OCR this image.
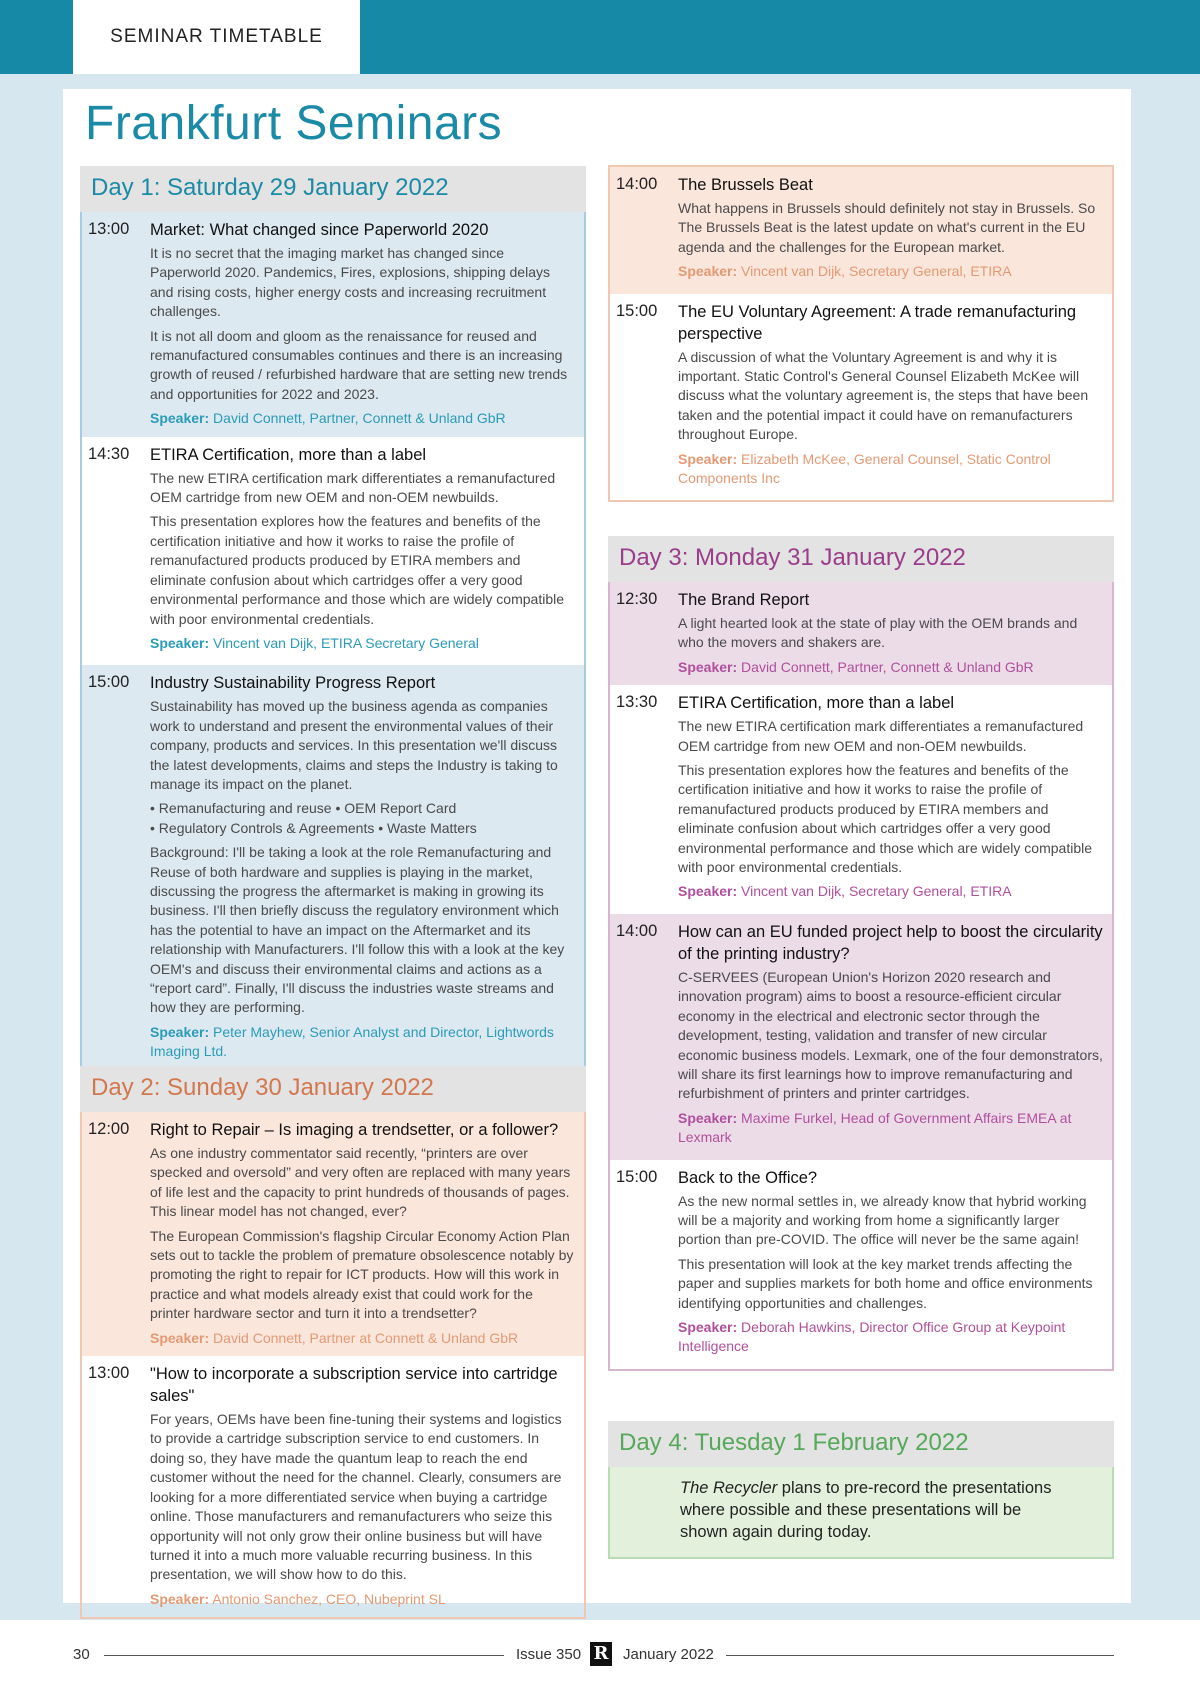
SEMINAR TIMETABLE
Frankfurt Seminars
Day 1: Saturday 29 January 2022
13:00	Market: What changed since Paperworld 2020

It is no secret that the imaging market has changed since Paperworld 2020. Pandemics, Fires, explosions, shipping delays and rising costs, higher energy costs and increasing recruitment challenges.

It is not all doom and gloom as the renaissance for reused and remanufactured consumables continues and there is an increasing growth of reused / refurbished hardware that are setting new trends and opportunities for 2022 and 2023.

Speaker: David Connett, Partner, Connett & Unland GbR
14:30	ETIRA Certification, more than a label

The new ETIRA certification mark differentiates a remanufactured OEM cartridge from new OEM and non-OEM newbuilds.

This presentation explores how the features and benefits of the certification initiative and how it works to raise the profile of remanufactured products produced by ETIRA members and eliminate confusion about which cartridges offer a very good environmental performance and those which are widely compatible with poor environmental credentials.

Speaker: Vincent van Dijk, ETIRA Secretary General
15:00	Industry Sustainability Progress Report

Sustainability has moved up the business agenda as companies work to understand and present the environmental values of their company, products and services. In this presentation we'll discuss the latest developments, claims and steps the Industry is taking to manage its impact on the planet.

• Remanufacturing and reuse • OEM Report Card
• Regulatory Controls & Agreements • Waste Matters

Background: I'll be taking a look at the role Remanufacturing and Reuse of both hardware and supplies is playing in the market, discussing the progress the aftermarket is making in growing its business. I'll then briefly discuss the regulatory environment which has the potential to have an impact on the Aftermarket and its relationship with Manufacturers. I'll follow this with a look at the key OEM's and discuss their environmental claims and actions as a “report card”. Finally, I'll discuss the industries waste streams and how they are performing.

Speaker: Peter Mayhew, Senior Analyst and Director, Lightwords Imaging Ltd.
Day 2: Sunday 30 January 2022
12:00	Right to Repair – Is imaging a trendsetter, or a follower?

As one industry commentator said recently, “printers are over specked and oversold” and very often are replaced with many years of life lest and the capacity to print hundreds of thousands of pages. This linear model has not changed, ever?

The European Commission's flagship Circular Economy Action Plan sets out to tackle the problem of premature obsolescence notably by promoting the right to repair for ICT products. How will this work in practice and what models already exist that could work for the printer hardware sector and turn it into a trendsetter?

Speaker: David Connett, Partner at Connett & Unland GbR
13:00	"How to incorporate a subscription service into cartridge sales"

For years, OEMs have been fine-tuning their systems and logistics to provide a cartridge subscription service to end customers. In doing so, they have made the quantum leap to reach the end customer without the need for the channel. Clearly, consumers are looking for a more differentiated service when buying a cartridge online. Those manufacturers and remanufacturers who seize this opportunity will not only grow their online business but will have turned it into a much more valuable recurring business. In this presentation, we will show how to do this.

Speaker: Antonio Sanchez, CEO, Nubeprint SL
14:00	The Brussels Beat

What happens in Brussels should definitely not stay in Brussels. So The Brussels Beat is the latest update on what's current in the EU agenda and the challenges for the European market.

Speaker: Vincent van Dijk, Secretary General, ETIRA
15:00	The EU Voluntary Agreement: A trade remanufacturing perspective

A discussion of what the Voluntary Agreement is and why it is important. Static Control's General Counsel Elizabeth McKee will discuss what the voluntary agreement is, the steps that have been taken and the potential impact it could have on remanufacturers throughout Europe.

Speaker: Elizabeth McKee, General Counsel, Static Control Components Inc
Day 3: Monday 31 January 2022
12:30	The Brand Report

A light hearted look at the state of play with the OEM brands and who the movers and shakers are.

Speaker: David Connett, Partner, Connett & Unland GbR
13:30	ETIRA Certification, more than a label

The new ETIRA certification mark differentiates a remanufactured OEM cartridge from new OEM and non-OEM newbuilds.

This presentation explores how the features and benefits of the certification initiative and how it works to raise the profile of remanufactured products produced by ETIRA members and eliminate confusion about which cartridges offer a very good environmental performance and those which are widely compatible with poor environmental credentials.

Speaker: Vincent van Dijk, Secretary General, ETIRA
14:00	How can an EU funded project help to boost the circularity of the printing industry?

C-SERVEES (European Union's Horizon 2020 research and innovation program) aims to boost a resource-efficient circular economy in the electrical and electronic sector through the development, testing, validation and transfer of new circular economic business models. Lexmark, one of the four demonstrators, will share its first learnings how to improve remanufacturing and refurbishment of printers and printer cartridges.

Speaker: Maxime Furkel, Head of Government Affairs EMEA at Lexmark
15:00	Back to the Office?

As the new normal settles in, we already know that hybrid working will be a majority and working from home a significantly larger portion than pre-COVID. The office will never be the same again!

This presentation will look at the key market trends affecting the paper and supplies markets for both home and office environments identifying opportunities and challenges.

Speaker: Deborah Hawkins, Director Office Group at Keypoint Intelligence
Day 4: Tuesday 1 February 2022
The Recycler plans to pre-record the presentations where possible and these presentations will be shown again during today.
30	Issue 350 R January 2022
